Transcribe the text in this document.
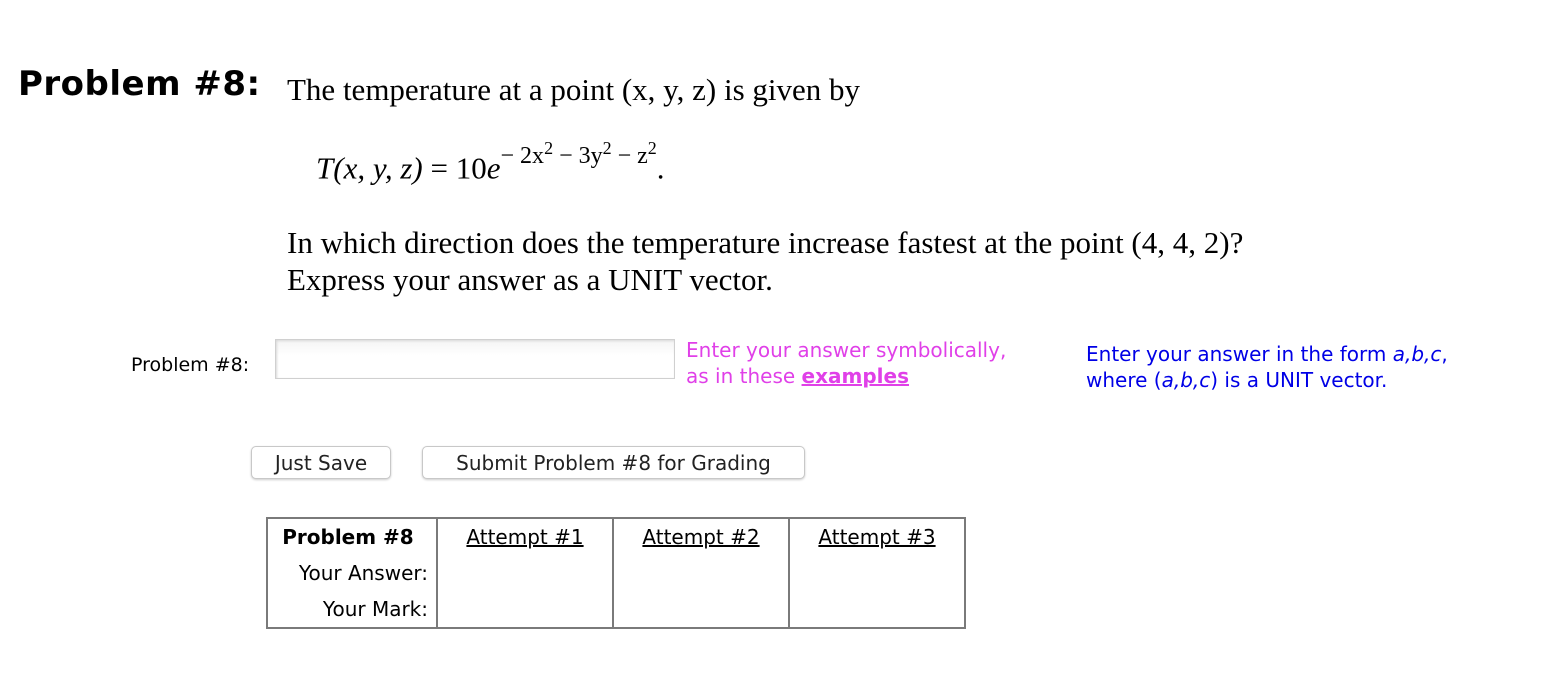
Problem #8: The temperature at a point (x, y, z) is given by
T(x, y, $z) = 10e^{- 2x^2 - 3y^2 - z^2}$.
In which direction does the temperature increase fastest at the point (4, 4, 2)?
Express your answer as a UNIT vector.
Problem #8:
Enter your answer symbolically,
as in these examples
Enter your answer in the form a,b,c,
where (a,b,c) is a UNIT vector.
Just Save	Submit Problem #8 for Grading
Problem #8	Attempt #1	Attempt #2	Attempt #3
Your Answer:			
Your Mark:			
